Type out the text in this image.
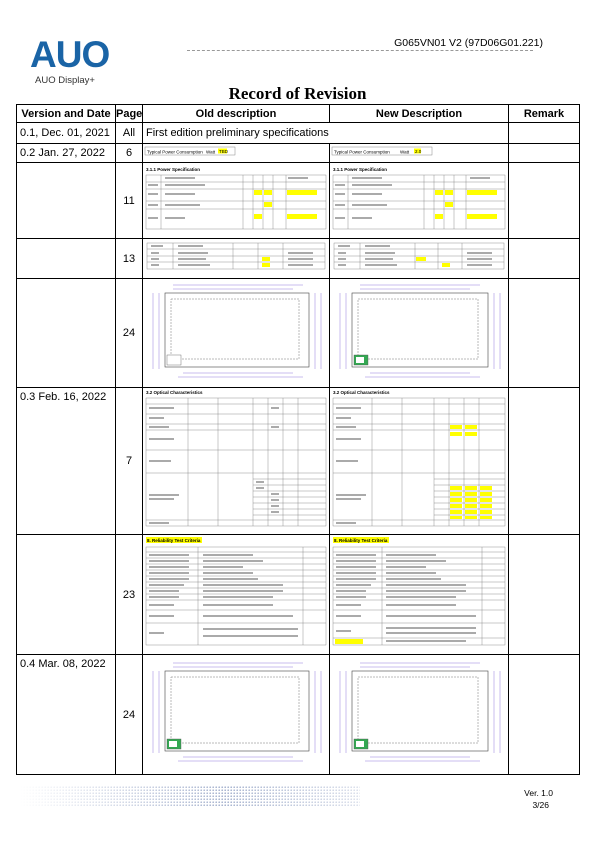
AUO
AUO Display+
G065VN01 V2 (97D06G01.221)
Record of Revision
Version and Date	Page	Old description	New Description	Remark
0.1, Dec. 01, 2021	All	First edition preliminary specifications		
0.2 Jan. 27, 2022	6	Typical Power Consumption Watt TBD	Typical Power Consumption Watt 2.0	

	11	3.1.1 Power Specification	3.1.1 Power Specification	

	13			
	24			
0.3 Feb. 16, 2022	7	3.2 Optical Characteristics	3.2 Optical Characteristics	

	23	8. Reliability Test Criteria	8. Reliability Test Criteria	

0.4 Mar. 08, 2022	24			
Ver. 1.0
3/26
